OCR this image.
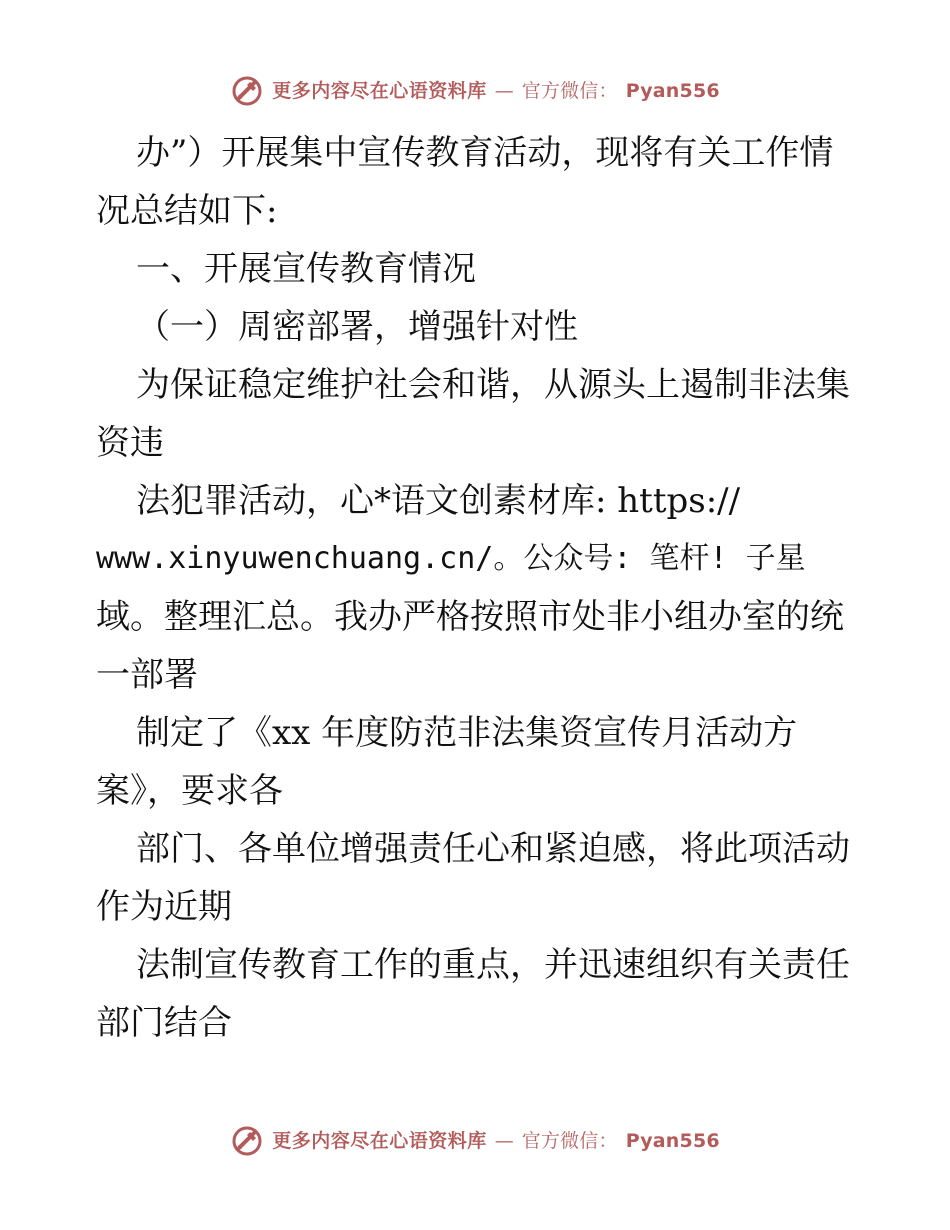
更多内容尽在心语资料库 — 官方微信： Pyan556
办”）开展集中宣传教育活动，现将有关工作情
况总结如下:
一、开展宣传教育情况
（一）周密部署，增强针对性
为保证稳定维护社会和谐，从源头上遏制非法集
资违
法犯罪活动，心*语文创素材库: https://
www.xinyuwenchuang.cn/。公众号: 笔杆! 子星
域。整理汇总。我办严格按照市处非小组办室的统
一部署
制定了《xx 年度防范非法集资宣传月活动方
案》，要求各
部门、各单位增强责任心和紧迫感，将此项活动
作为近期
法制宣传教育工作的重点，并迅速组织有关责任
部门结合
更多内容尽在心语资料库 — 官方微信： Pyan556
